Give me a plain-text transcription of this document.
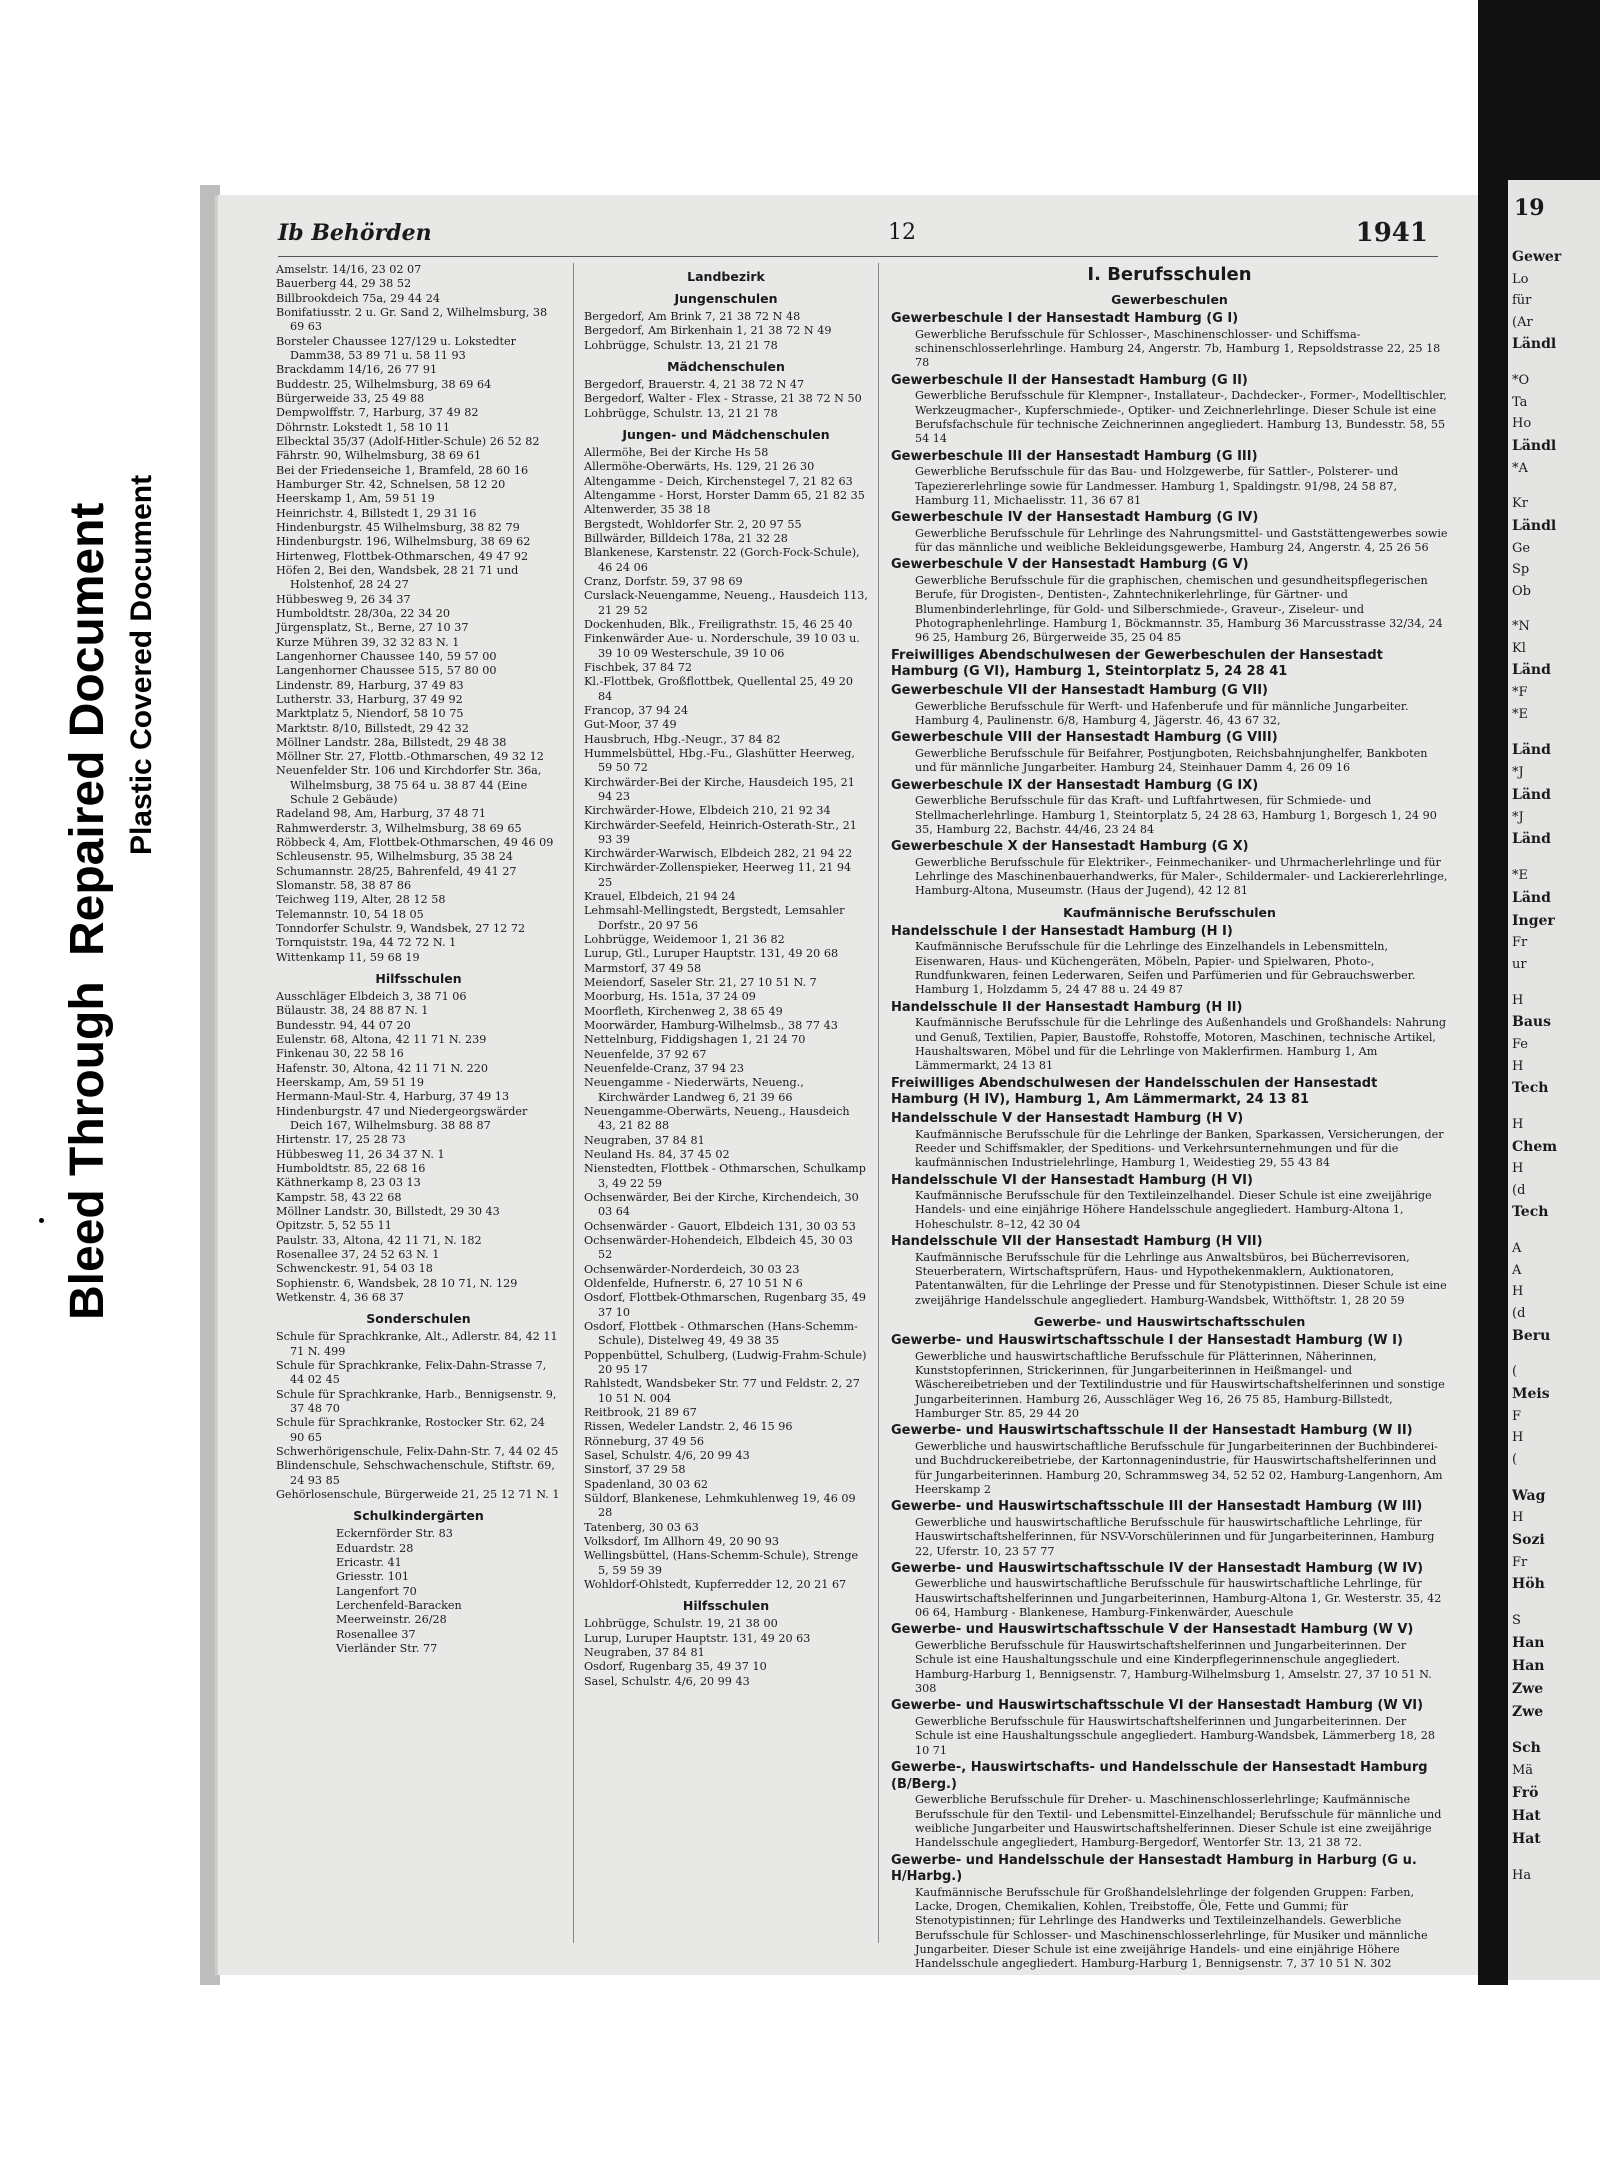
Bleed Through Repaired Document Plastic Covered Document
19
Gewer
Lo
für
(Ar
Ländl
*O
Ta
Ho
Ländl
*A
Kr
Ländl
Ge
Sp
Ob
*N
Kl
Länd
*F
*E
Länd
*J
Länd
*J
Länd
*E
Länd
Inger
Fr
ur
H
Baus
Fe
H
Tech
H
Chem
H
(d
Tech
A
A
H
(d
Beru
(
Meis
F
H
(
Wag
H
Sozi
Fr
Höh
S
Han
Han
Zwe
Zwe
Sch
Mä
Frö
Hat
Hat
Ha
Ib Behörden	12	1941

Amselstr. 14/16, 23 02 07

Bauerberg 44, 29 38 52

Billbrookdeich 75a, 29 44 24

Bonifatiusstr. 2 u. Gr. Sand 2, Wilhelmsburg, 38 69 63

Borsteler Chaussee 127/129 u. Lokstedter Damm38, 53 89 71 u. 58 11 93

Brackdamm 14/16, 26 77 91

Buddestr. 25, Wilhelmsburg, 38 69 64

Bürgerweide 33, 25 49 88

Dempwolffstr. 7, Harburg, 37 49 82

Döhrnstr. Lokstedt 1, 58 10 11

Elbecktal 35/37 (Adolf-Hitler-Schule) 26 52 82

Fährstr. 90, Wilhelmsburg, 38 69 61

Bei der Friedenseiche 1, Bramfeld, 28 60 16

Hamburger Str. 42, Schnelsen, 58 12 20

Heerskamp 1, Am, 59 51 19

Heinrichstr. 4, Billstedt 1, 29 31 16

Hindenburgstr. 45 Wilhelmsburg, 38 82 79

Hindenburgstr. 196, Wilhelmsburg, 38 69 62

Hirtenweg, Flottbek-Othmarschen, 49 47 92

Höfen 2, Bei den, Wandsbek, 28 21 71 und Holstenhof, 28 24 27

Hübbesweg 9, 26 34 37

Humboldtstr. 28/30a, 22 34 20

Jürgensplatz, St., Berne, 27 10 37

Kurze Mühren 39, 32 32 83 N. 1

Langenhorner Chaussee 140, 59 57 00

Langenhorner Chaussee 515, 57 80 00

Lindenstr. 89, Harburg, 37 49 83

Lutherstr. 33, Harburg, 37 49 92

Marktplatz 5, Niendorf, 58 10 75

Marktstr. 8/10, Billstedt, 29 42 32

Möllner Landstr. 28a, Billstedt, 29 48 38

Möllner Str. 27, Flottb.-Othmarschen, 49 32 12

Neuenfelder Str. 106 und Kirchdorfer Str. 36a, Wilhelmsburg, 38 75 64 u. 38 87 44 (Eine Schule 2 Gebäude)

Radeland 98, Am, Harburg, 37 48 71

Rahmwerderstr. 3, Wilhelmsburg, 38 69 65

Röbbeck 4, Am, Flottbek-Othmarschen, 49 46 09

Schleusenstr. 95, Wilhelmsburg, 35 38 24

Schumannstr. 28/25, Bahrenfeld, 49 41 27

Slomanstr. 58, 38 87 86

Teichweg 119, Alter, 28 12 58

Telemannstr. 10, 54 18 05

Tonndorfer Schulstr. 9, Wandsbek, 27 12 72

Tornquiststr. 19a, 44 72 72 N. 1

Wittenkamp 11, 59 68 19

Hilfsschulen

Ausschläger Elbdeich 3, 38 71 06

Bülaustr. 38, 24 88 87 N. 1

Bundesstr. 94, 44 07 20

Eulenstr. 68, Altona, 42 11 71 N. 239

Finkenau 30, 22 58 16

Hafenstr. 30, Altona, 42 11 71 N. 220

Heerskamp, Am, 59 51 19

Hermann-Maul-Str. 4, Harburg, 37 49 13

Hindenburgstr. 47 und Niedergeorgswärder Deich 167, Wilhelmsburg. 38 88 87

Hirtenstr. 17, 25 28 73

Hübbesweg 11, 26 34 37 N. 1

Humboldtstr. 85, 22 68 16

Käthnerkamp 8, 23 03 13

Kampstr. 58, 43 22 68

Möllner Landstr. 30, Billstedt, 29 30 43

Opitzstr. 5, 52 55 11

Paulstr. 33, Altona, 42 11 71, N. 182

Rosenallee 37, 24 52 63 N. 1

Schwenckestr. 91, 54 03 18

Sophienstr. 6, Wandsbek, 28 10 71, N. 129

Wetkenstr. 4, 36 68 37

Sonderschulen

Schule für Sprachkranke, Alt., Adlerstr. 84, 42 11 71 N. 499

Schule für Sprachkranke, Felix-Dahn-Strasse 7, 44 02 45

Schule für Sprachkranke, Harb., Bennigsenstr. 9, 37 48 70

Schule für Sprachkranke, Rostocker Str. 62, 24 90 65

Schwerhörigenschule, Felix-Dahn-Str. 7, 44 02 45

Blindenschule, Sehschwachenschule, Stiftstr. 69, 24 93 85

Gehörlosenschule, Bürgerweide 21, 25 12 71 N. 1

Schulkindergärten

Eckernförder Str. 83

Eduardstr. 28

Ericastr. 41

Griesstr. 101

Langenfort 70

Lerchenfeld-Baracken

Meerweinstr. 26/28

Rosenallee 37

Vierländer Str. 77

Landbezirk
Jungenschulen

Bergedorf, Am Brink 7, 21 38 72 N 48

Bergedorf, Am Birkenhain 1, 21 38 72 N 49

Lohbrügge, Schulstr. 13, 21 21 78

Mädchenschulen

Bergedorf, Brauerstr. 4, 21 38 72 N 47

Bergedorf, Walter - Flex - Strasse, 21 38 72 N 50

Lohbrügge, Schulstr. 13, 21 21 78

Jungen- und Mädchenschulen

Allermöhe, Bei der Kirche Hs 58

Allermöhe-Oberwärts, Hs. 129, 21 26 30

Altengamme - Deich, Kirchenstegel 7, 21 82 63

Altengamme - Horst, Horster Damm 65, 21 82 35

Altenwerder, 35 38 18

Bergstedt, Wohldorfer Str. 2, 20 97 55

Billwärder, Billdeich 178a, 21 32 28

Blankenese, Karstenstr. 22 (Gorch-Fock-Schule), 46 24 06

Cranz, Dorfstr. 59, 37 98 69

Curslack-Neuengamme, Neueng., Hausdeich 113, 21 29 52

Dockenhuden, Blk., Freiligrathstr. 15, 46 25 40

Finkenwärder Aue- u. Norderschule, 39 10 03 u. 39 10 09 Westerschule, 39 10 06

Fischbek, 37 84 72

Kl.-Flottbek, Großflottbek, Quellental 25, 49 20 84

Francop, 37 94 24

Gut-Moor, 37 49

Hausbruch, Hbg.-Neugr., 37 84 82

Hummelsbüttel, Hbg.-Fu., Glashütter Heerweg, 59 50 72

Kirchwärder-Bei der Kirche, Hausdeich 195, 21 94 23

Kirchwärder-Howe, Elbdeich 210, 21 92 34

Kirchwärder-Seefeld, Heinrich-Osterath-Str., 21 93 39

Kirchwärder-Warwisch, Elbdeich 282, 21 94 22

Kirchwärder-Zollenspieker, Heerweg 11, 21 94 25

Krauel, Elbdeich, 21 94 24

Lehmsahl-Mellingstedt, Bergstedt, Lemsahler Dorfstr., 20 97 56

Lohbrügge, Weidemoor 1, 21 36 82

Lurup, Gtl., Luruper Hauptstr. 131, 49 20 68

Marmstorf, 37 49 58

Meiendorf, Saseler Str. 21, 27 10 51 N. 7

Moorburg, Hs. 151a, 37 24 09

Moorfleth, Kirchenweg 2, 38 65 49

Moorwärder, Hamburg-Wilhelmsb., 38 77 43

Nettelnburg, Fiddigshagen 1, 21 24 70

Neuenfelde, 37 92 67

Neuenfelde-Cranz, 37 94 23

Neuengamme - Niederwärts, Neueng., Kirchwärder Landweg 6, 21 39 66

Neuengamme-Oberwärts, Neueng., Hausdeich 43, 21 82 88

Neugraben, 37 84 81

Neuland Hs. 84, 37 45 02

Nienstedten, Flottbek - Othmarschen, Schulkamp 3, 49 22 59

Ochsenwärder, Bei der Kirche, Kirchendeich, 30 03 64

Ochsenwärder - Gauort, Elbdeich 131, 30 03 53

Ochsenwärder-Hohendeich, Elbdeich 45, 30 03 52

Ochsenwärder-Norderdeich, 30 03 23

Oldenfelde, Hufnerstr. 6, 27 10 51 N 6

Osdorf, Flottbek-Othmarschen, Rugenbarg 35, 49 37 10

Osdorf, Flottbek - Othmarschen (Hans-Schemm-Schule), Distelweg 49, 49 38 35

Poppenbüttel, Schulberg, (Ludwig-Frahm-Schule) 20 95 17

Rahlstedt, Wandsbeker Str. 77 und Feldstr. 2, 27 10 51 N. 004

Reitbrook, 21 89 67

Rissen, Wedeler Landstr. 2, 46 15 96

Rönneburg, 37 49 56

Sasel, Schulstr. 4/6, 20 99 43

Sinstorf, 37 29 58

Spadenland, 30 03 62

Süldorf, Blankenese, Lehmkuhlenweg 19, 46 09 28

Tatenberg, 30 03 63

Volksdorf, Im Allhorn 49, 20 90 93

Wellingsbüttel, (Hans-Schemm-Schule), Strenge 5, 59 59 39

Wohldorf-Ohlstedt, Kupferredder 12, 20 21 67

Hilfsschulen

Lohbrügge, Schulstr. 19, 21 38 00

Lurup, Luruper Hauptstr. 131, 49 20 63

Neugraben, 37 84 81

Osdorf, Rugenbarg 35, 49 37 10

Sasel, Schulstr. 4/6, 20 99 43

I. Berufsschulen
Gewerbeschulen
Gewerbeschule I der Hansestadt Hamburg (G I)

Gewerbliche Berufsschule für Schlosser-, Maschinenschlosser- und Schiffsmaschinenschlosserlehrlinge. Hamburg 24, Angerstr. 7b, Hamburg 1, Repsoldstrasse 22, 25 18 78

Gewerbeschule II der Hansestadt Hamburg (G II)

Gewerbliche Berufsschule für Klempner-, Installateur-, Dachdecker-, Former-, Modelltischler, Werkzeugmacher-, Kupferschmiede-, Optiker- und Zeichnerlehrlinge. Dieser Schule ist eine Berufsfachschule für technische Zeichnerinnen angegliedert. Hamburg 13, Bundesstr. 58, 55 54 14

Gewerbeschule III der Hansestadt Hamburg (G III)

Gewerbliche Berufsschule für das Bau- und Holzgewerbe, für Sattler-, Polsterer- und Tapeziererlehrlinge sowie für Landmesser. Hamburg 1, Spaldingstr. 91/98, 24 58 87, Hamburg 11, Michaelisstr. 11, 36 67 81

Gewerbeschule IV der Hansestadt Hamburg (G IV)

Gewerbliche Berufsschule für Lehrlinge des Nahrungsmittel- und Gaststättengewerbes sowie für das männliche und weibliche Bekleidungsgewerbe, Hamburg 24, Angerstr. 4, 25 26 56

Gewerbeschule V der Hansestadt Hamburg (G V)

Gewerbliche Berufsschule für die graphischen, chemischen und gesundheitspflegerischen Berufe, für Drogisten-, Dentisten-, Zahntechnikerlehrlinge, für Gärtner- und Blumenbinderlehrlinge, für Gold- und Silberschmiede-, Graveur-, Ziseleur- und Photographenlehrlinge. Hamburg 1, Böckmannstr. 35, Hamburg 36 Marcusstrasse 32/34, 24 96 25, Hamburg 26, Bürgerweide 35, 25 04 85

Freiwilliges Abendschulwesen der Gewerbeschulen der Hansestadt Hamburg (G VI), Hamburg 1, Steintorplatz 5, 24 28 41
Gewerbeschule VII der Hansestadt Hamburg (G VII)

Gewerbliche Berufsschule für Werft- und Hafenberufe und für männliche Jungarbeiter. Hamburg 4, Paulinenstr. 6/8, Hamburg 4, Jägerstr. 46, 43 67 32,

Gewerbeschule VIII der Hansestadt Hamburg (G VIII)

Gewerbliche Berufsschule für Beifahrer, Postjungboten, Reichsbahnjunghelfer, Bankboten und für männliche Jungarbeiter. Hamburg 24, Steinhauer Damm 4, 26 09 16

Gewerbeschule IX der Hansestadt Hamburg (G IX)

Gewerbliche Berufsschule für das Kraft- und Luftfahrtwesen, für Schmiede- und Stellmacherlehrlinge. Hamburg 1, Steintorplatz 5, 24 28 63, Hamburg 1, Borgesch 1, 24 90 35, Hamburg 22, Bachstr. 44/46, 23 24 84

Gewerbeschule X der Hansestadt Hamburg (G X)

Gewerbliche Berufsschule für Elektriker-, Feinmechaniker- und Uhrmacherlehrlinge und für Lehrlinge des Maschinenbauerhandwerks, für Maler-, Schildermaler- und Lackiererlehrlinge, Hamburg-Altona, Museumstr. (Haus der Jugend), 42 12 81

Kaufmännische Berufsschulen
Handelsschule I der Hansestadt Hamburg (H I)

Kaufmännische Berufsschule für die Lehrlinge des Einzelhandels in Lebensmitteln, Eisenwaren, Haus- und Küchengeräten, Möbeln, Papier- und Spielwaren, Photo-, Rundfunkwaren, feinen Lederwaren, Seifen und Parfümerien und für Gebrauchswerber. Hamburg 1, Holzdamm 5, 24 47 88 u. 24 49 87

Handelsschule II der Hansestadt Hamburg (H II)

Kaufmännische Berufsschule für die Lehrlinge des Außenhandels und Großhandels: Nahrung und Genuß, Textilien, Papier, Baustoffe, Rohstoffe, Motoren, Maschinen, technische Artikel, Haushaltswaren, Möbel und für die Lehrlinge von Maklerfirmen. Hamburg 1, Am Lämmermarkt, 24 13 81

Freiwilliges Abendschulwesen der Handelsschulen der Hansestadt Hamburg (H IV), Hamburg 1, Am Lämmermarkt, 24 13 81
Handelsschule V der Hansestadt Hamburg (H V)

Kaufmännische Berufsschule für die Lehrlinge der Banken, Sparkassen, Versicherungen, der Reeder und Schiffsmakler, der Speditions- und Verkehrsunternehmungen und für die kaufmännischen Industrielehrlinge, Hamburg 1, Weidestieg 29, 55 43 84

Handelsschule VI der Hansestadt Hamburg (H VI)

Kaufmännische Berufsschule für den Textileinzelhandel. Dieser Schule ist eine zweijährige Handels- und eine einjährige Höhere Handelsschule angegliedert. Hamburg-Altona 1, Hoheschulstr. 8–12, 42 30 04

Handelsschule VII der Hansestadt Hamburg (H VII)

Kaufmännische Berufsschule für die Lehrlinge aus Anwaltsbüros, bei Bücherrevisoren, Steuerberatern, Wirtschaftsprüfern, Haus- und Hypothekenmaklern, Auktionatoren, Patentanwälten, für die Lehrlinge der Presse und für Stenotypistinnen. Dieser Schule ist eine zweijährige Handelsschule angegliedert. Hamburg-Wandsbek, Witthöftstr. 1, 28 20 59

Gewerbe- und Hauswirtschaftsschulen
Gewerbe- und Hauswirtschaftsschule I der Hansestadt Hamburg (W I)

Gewerbliche und hauswirtschaftliche Berufsschule für Plätterinnen, Näherinnen, Kunststopferinnen, Strickerinnen, für Jungarbeiterinnen in Heißmangel- und Wäschereibetrieben und der Textilindustrie und für Hauswirtschaftshelferinnen und sonstige Jungarbeiterinnen. Hamburg 26, Ausschläger Weg 16, 26 75 85, Hamburg-Billstedt, Hamburger Str. 85, 29 44 20

Gewerbe- und Hauswirtschaftsschule II der Hansestadt Hamburg (W II)

Gewerbliche und hauswirtschaftliche Berufsschule für Jungarbeiterinnen der Buchbinderei- und Buchdruckereibetriebe, der Kartonnagenindustrie, für Hauswirtschaftshelferinnen und für Jungarbeiterinnen. Hamburg 20, Schrammsweg 34, 52 52 02, Hamburg-Langenhorn, Am Heerskamp 2

Gewerbe- und Hauswirtschaftsschule III der Hansestadt Hamburg (W III)

Gewerbliche und hauswirtschaftliche Berufsschule für hauswirtschaftliche Lehrlinge, für Hauswirtschaftshelferinnen, für NSV-Vorschülerinnen und für Jungarbeiterinnen, Hamburg 22, Uferstr. 10, 23 57 77

Gewerbe- und Hauswirtschaftsschule IV der Hansestadt Hamburg (W IV)

Gewerbliche und hauswirtschaftliche Berufsschule für hauswirtschaftliche Lehrlinge, für Hauswirtschaftshelferinnen und Jungarbeiterinnen, Hamburg-Altona 1, Gr. Westerstr. 35, 42 06 64, Hamburg - Blankenese, Hamburg-Finkenwärder, Aueschule

Gewerbe- und Hauswirtschaftsschule V der Hansestadt Hamburg (W V)

Gewerbliche Berufsschule für Hauswirtschaftshelferinnen und Jungarbeiterinnen. Der Schule ist eine Haushaltungsschule und eine Kinderpflegerinnenschule angegliedert. Hamburg-Harburg 1, Bennigsenstr. 7, Hamburg-Wilhelmsburg 1, Amselstr. 27, 37 10 51 N. 308

Gewerbe- und Hauswirtschaftsschule VI der Hansestadt Hamburg (W VI)

Gewerbliche Berufsschule für Hauswirtschaftshelferinnen und Jungarbeiterinnen. Der Schule ist eine Haushaltungsschule angegliedert. Hamburg-Wandsbek, Lämmerberg 18, 28 10 71

Gewerbe-, Hauswirtschafts- und Handelsschule der Hansestadt Hamburg (B/Berg.)

Gewerbliche Berufsschule für Dreher- u. Maschinenschlosserlehrlinge; Kaufmännische Berufsschule für den Textil- und Lebensmittel-Einzelhandel; Berufsschule für männliche und weibliche Jungarbeiter und Hauswirtschaftshelferinnen. Dieser Schule ist eine zweijährige Handelsschule angegliedert, Hamburg-Bergedorf, Wentorfer Str. 13, 21 38 72.

Gewerbe- und Handelsschule der Hansestadt Hamburg in Harburg (G u. H/Harbg.)

Kaufmännische Berufsschule für Großhandelslehrlinge der folgenden Gruppen: Farben, Lacke, Drogen, Chemikalien, Kohlen, Treibstoffe, Öle, Fette und Gummi; für Stenotypistinnen; für Lehrlinge des Handwerks und Textileinzelhandels. Gewerbliche Berufsschule für Schlosser- und Maschinenschlosserlehrlinge, für Musiker und männliche Jungarbeiter. Dieser Schule ist eine zweijährige Handels- und eine einjährige Höhere Handelsschule angegliedert. Hamburg-Harburg 1, Bennigsenstr. 7, 37 10 51 N. 302
